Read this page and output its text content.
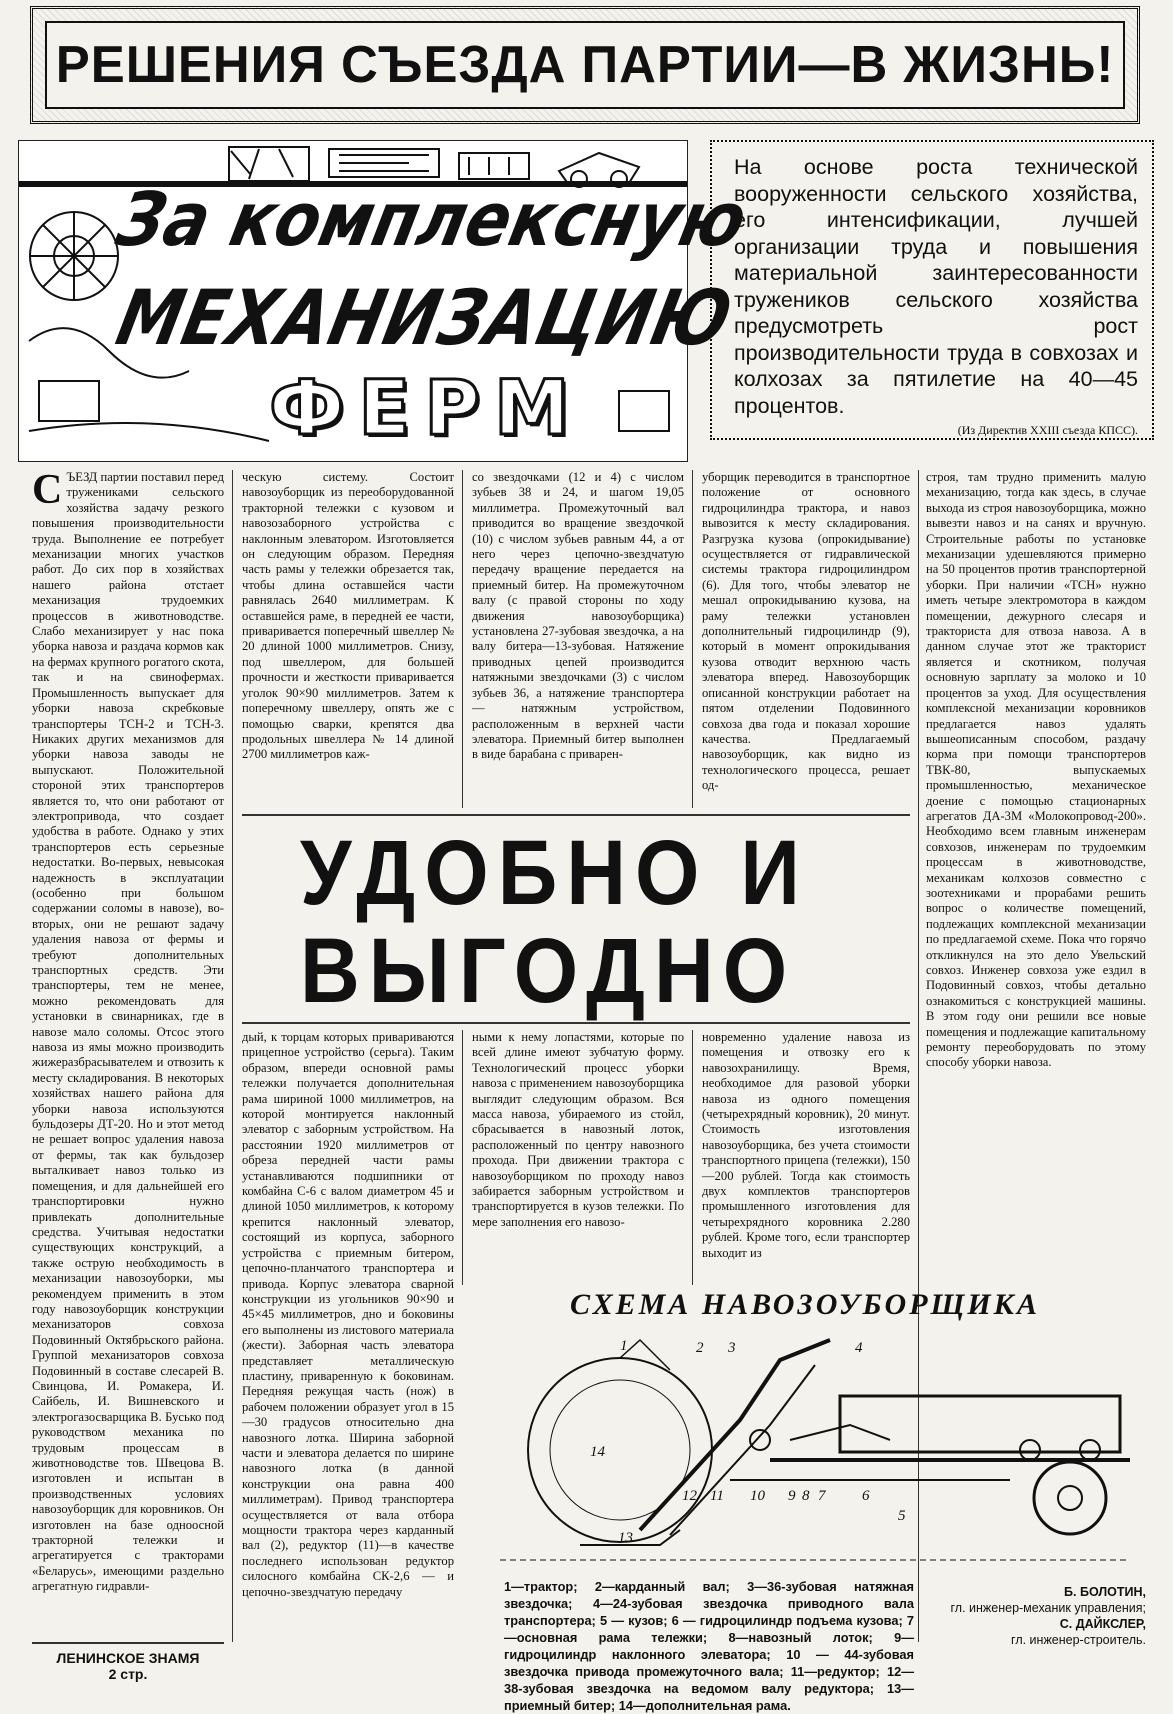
РЕШЕНИЯ СЪЕЗДА ПАРТИИ—В ЖИЗНЬ!
За комплексную
МЕХАНИЗАЦИЮ
ФЕРМ
На основе роста технической вооруженности сельского хозяйства, его интенсификации, лучшей организации труда и повышения материальной заинтересованности тружеников сельского хозяйства предусмотреть рост производительности труда в совхозах и колхозах за пятилетие на 40—45 процентов.
(Из Директив XXIII съезда КПСС).
С ЪЕЗД партии поставил перед тружениками сельского хозяйства задачу резкого повышения производительности труда. Выполнение ее потребует механизации многих участков работ. До сих пор в хозяйствах нашего района отстает механизация трудоемких процессов в животноводстве. Слабо механизирует у нас пока уборка навоза и раздача кормов как на фермах крупного рогатого скота, так и на свинофермах. Промышленность выпускает для уборки навоза скребковые транспортеры ТСН-2 и ТСН-3. Никаких других механизмов для уборки навоза заводы не выпускают. Положительной стороной этих транспортеров является то, что они работают от электропривода, что создает удобства в работе. Однако у этих транспортеров есть серьезные недостатки. Во-первых, невысокая надежность в эксплуатации (особенно при большом содержании соломы в навозе), во-вторых, они не решают задачу удаления навоза от фермы и требуют дополнительных транспортных средств. Эти транспортеры, тем не менее, можно рекомендовать для установки в свинарниках, где в навозе мало соломы. Отсос этого навоза из ямы можно производить жижеразбрасывателем и отвозить к месту складирования. В некоторых хозяйствах нашего района для уборки навоза используются бульдозеры ДТ-20. Но и этот метод не решает вопрос удаления навоза от фермы, так как бульдозер выталкивает навоз только из помещения, и для дальнейшей его транспортировки нужно привлекать дополнительные средства. Учитывая недостатки существующих конструкций, а также острую необходимость в механизации навозоуборки, мы рекомендуем применить в этом году навозоуборщик конструкции механизаторов совхоза Подовинный Октябрьского района. Группой механизаторов совхоза Подовинный в составе слесарей В. Свинцова, И. Ромакера, И. Сайбель, И. Вишневского и электрогазосварщика В. Бусько под руководством механика по трудовым процессам в животноводстве тов. Швецова В. изготовлен и испытан в производственных условиях навозоуборщик для коровников. Он изготовлен на базе одноосной тракторной тележки и агрегатируется с тракторами «Беларусь», имеющими раздельно агрегатную гидравли-
ческую систему. Состоит навозоуборщик из переоборудованной тракторной тележки с кузовом и навозозаборного устройства с наклонным элеватором. Изготовляется он следующим образом. Передняя часть рамы у тележки обрезается так, чтобы длина оставшейся части равнялась 2640 миллиметрам. К оставшейся раме, в передней ее части, приваривается поперечный швеллер № 20 длиной 1000 миллиметров. Снизу, под швеллером, для большей прочности и жесткости приваривается уголок 90×90 миллиметров. Затем к поперечному швеллеру, опять же с помощью сварки, крепятся два продольных швеллера № 14 длиной 2700 миллиметров каж-
со звездочками (12 и 4) с числом зубьев 38 и 24, и шагом 19,05 миллиметра. Промежуточный вал приводится во вращение звездочкой (10) с числом зубьев равным 44, а от него через цепочно-звездчатую передачу вращение передается на приемный битер. На промежуточном валу (с правой стороны по ходу движения навозоуборщика) установлена 27-зубовая звездочка, а на валу битера—13-зубовая. Натяжение приводных цепей производится натяжными звездочками (3) с числом зубьев 36, а натяжение транспортера — натяжным устройством, расположенным в верхней части элеватора. Приемный битер выполнен в виде барабана с приварен-
уборщик переводится в транспортное положение от основного гидроцилиндра трактора, и навоз вывозится к месту складирования. Разгрузка кузова (опрокидывание) осуществляется от гидравлической системы трактора гидроцилиндром (6). Для того, чтобы элеватор не мешал опрокидыванию кузова, на раму тележки установлен дополнительный гидроцилиндр (9), который в момент опрокидывания кузова отводит верхнюю часть элеватора вперед. Навозоуборщик описанной конструкции работает на пятом отделении Подовинного совхоза два года и показал хорошие качества. Предлагаемый навозоуборщик, как видно из технологического процесса, решает од-
строя, там трудно применить малую механизацию, тогда как здесь, в случае выхода из строя навозоуборщика, можно вывезти навоз и на санях и вручную. Строительные работы по установке механизации удешевляются примерно на 50 процентов против транспортерной уборки. При наличии «ТСН» нужно иметь четыре электромотора в каждом помещении, дежурного слесаря и тракториста для отвоза навоза. А в данном случае этот же тракторист является и скотником, получая основную зарплату за молоко и 10 процентов за уход. Для осуществления комплексной механизации коровников предлагается навоз удалять вышеописанным способом, раздачу корма при помощи транспортеров ТВК-80, выпускаемых промышленностью, механическое доение с помощью стационарных агрегатов ДА-3М «Молокопровод-200». Необходимо всем главным инженерам совхозов, инженерам по трудоемким процессам в животноводстве, механикам колхозов совместно с зоотехниками и прорабами решить вопрос о количестве помещений, подлежащих комплексной механизации по предлагаемой схеме. Пока что горячо откликнулся на это дело Увельский совхоз. Инженер совхоза уже ездил в Подовинный совхоз, чтобы детально ознакомиться с конструкцией машины. В этом году они решили все новые помещения и подлежащие капитальному ремонту переоборудовать по этому способу уборки навоза.
УДОБНО И
ВЫГОДНО
дый, к торцам которых привариваются прицепное устройство (серьга). Таким образом, впереди основной рамы тележки получается дополнительная рама шириной 1000 миллиметров, на которой монтируется наклонный элеватор с заборным устройством. На расстоянии 1920 миллиметров от обреза передней части рамы устанавливаются подшипники от комбайна С-6 с валом диаметром 45 и длиной 1050 миллиметров, к которому крепится наклонный элеватор, состоящий из корпуса, заборного устройства с приемным битером, цепочно-планчатого транспортера и привода. Корпус элеватора сварной конструкции из угольников 90×90 и 45×45 миллиметров, дно и боковины его выполнены из листового материала (жести). Заборная часть элеватора представляет металлическую пластину, приваренную к боковинам. Передняя режущая часть (нож) в рабочем положении образует угол в 15—30 градусов относительно дна навозного лотка. Ширина заборной части и элеватора делается по ширине навозного лотка (в данной конструкции она равна 400 миллиметрам). Привод транспортера осуществляется от вала отбора мощности трактора через карданный вал (2), редуктор (11)—в качестве последнего использован редуктор силосного комбайна СК-2,6 — и цепочно-звездчатую передачу
ными к нему лопастями, которые по всей длине имеют зубчатую форму. Технологический процесс уборки навоза с применением навозоуборщика выглядит следующим образом. Вся масса навоза, убираемого из стойл, сбрасывается в навозный лоток, расположенный по центру навозного прохода. При движении трактора с навозоуборщиком по проходу навоз забирается заборным устройством и транспортируется в кузов тележки. По мере заполнения его навозо-
новременно удаление навоза из помещения и отвозку его к навозохранилищу. Время, необходимое для разовой уборки навоза из одного помещения (четырехрядный коровник), 20 минут. Стоимость изготовления навозоуборщика, без учета стоимости транспортного прицепа (тележки), 150—200 рублей. Тогда как стоимость двух комплектов транспортеров промышленного изготовления для четырехрядного коровника 2.280 рублей. Кроме того, если транспортер выходит из
Б. БОЛОТИН,
гл. инженер-механик управления;
С. ДАЙКСЛЕР,
гл. инженер-строитель.
СХЕМА НАВОЗОУБОРЩИКА
1	2 3	4
5
6
7
8
9
10
11
12
13
14
1—трактор; 2—карданный вал; 3—36-зубовая натяжная звездочка; 4—24-зубовая звездочка приводного вала транспортера; 5 — кузов; 6 — гидроцилиндр подъема кузова; 7—основная рама тележки; 8—навозный лоток; 9—гидроцилиндр наклонного элеватора; 10 — 44-зубовая звездочка привода промежуточного вала; 11—редуктор; 12—38-зубовая звездочка на ведомом валу редуктора; 13— приемный битер; 14—дополнительная рама.
ЛЕНИНСКОЕ ЗНАМЯ
2 стр.
